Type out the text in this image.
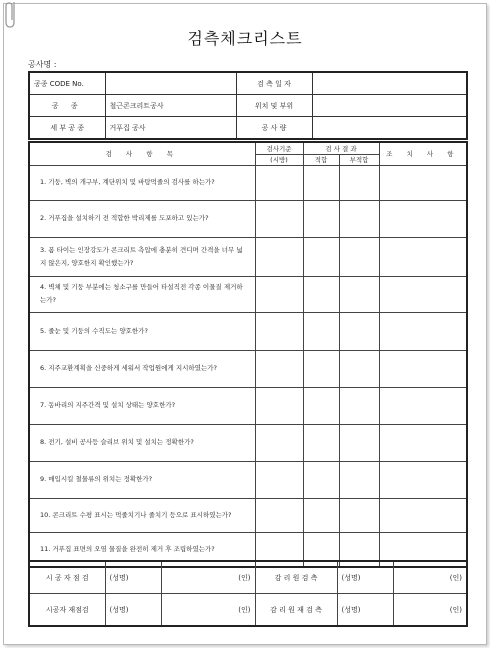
검측체크리스트
공사명 :
공종 CODE No.		검 측 일 자	
공 종	철근콘크리트공사	위치 및 부위	
세 부 공 종	거푸집 공사	공 사 량	
검 사 항 목	검사기준	검 사 결 과		조 치 사 항
	(시방)	적합	부적합	
1. 기둥, 벽의 개구부, 계단위치 및 바탕먹줄의 검사를 하는가?				
2. 거푸집을 설치하기 전 적합한 박리제를 도포하고 있는가?				
3. 폼 타이는 인장강도가 콘크리트 측압에 충분히 견디며 간격을 너무 넓지 않은지, 양호한지 확인했는가?				
4. 벽체 및 기둥 부분에는 청소구를 만들어 타설직전 각종 이물질 제거하는가?				
5. 줄눈 및 기둥의 수직도는 양호한가?				
6. 지주교환계획을 신중하게 세워서 작업원에게 지시하였는가?				
7. 동바리의 지주간격 및 설치 상태는 양호한가?				
8. 전기, 설비 공사등 슬리브 위치 및 설치는 정확한가?				
9. 매입시킬 철물류의 위치는 정확한가?				
10. 콘크리트 수평 표시는 먹줄치기나 줄치기 등으로 표시하였는가?				
11. 거푸집 표면의 오염 물질을 완전히 제거 후 조립하였는가?				
시 공 자 점 검	(성명)	(인)	감 리 원 검 측	(성명)	(인)
시공자 재점검	(성명)	(인)	감 리 원 재 검 측	(성명)	(인)
